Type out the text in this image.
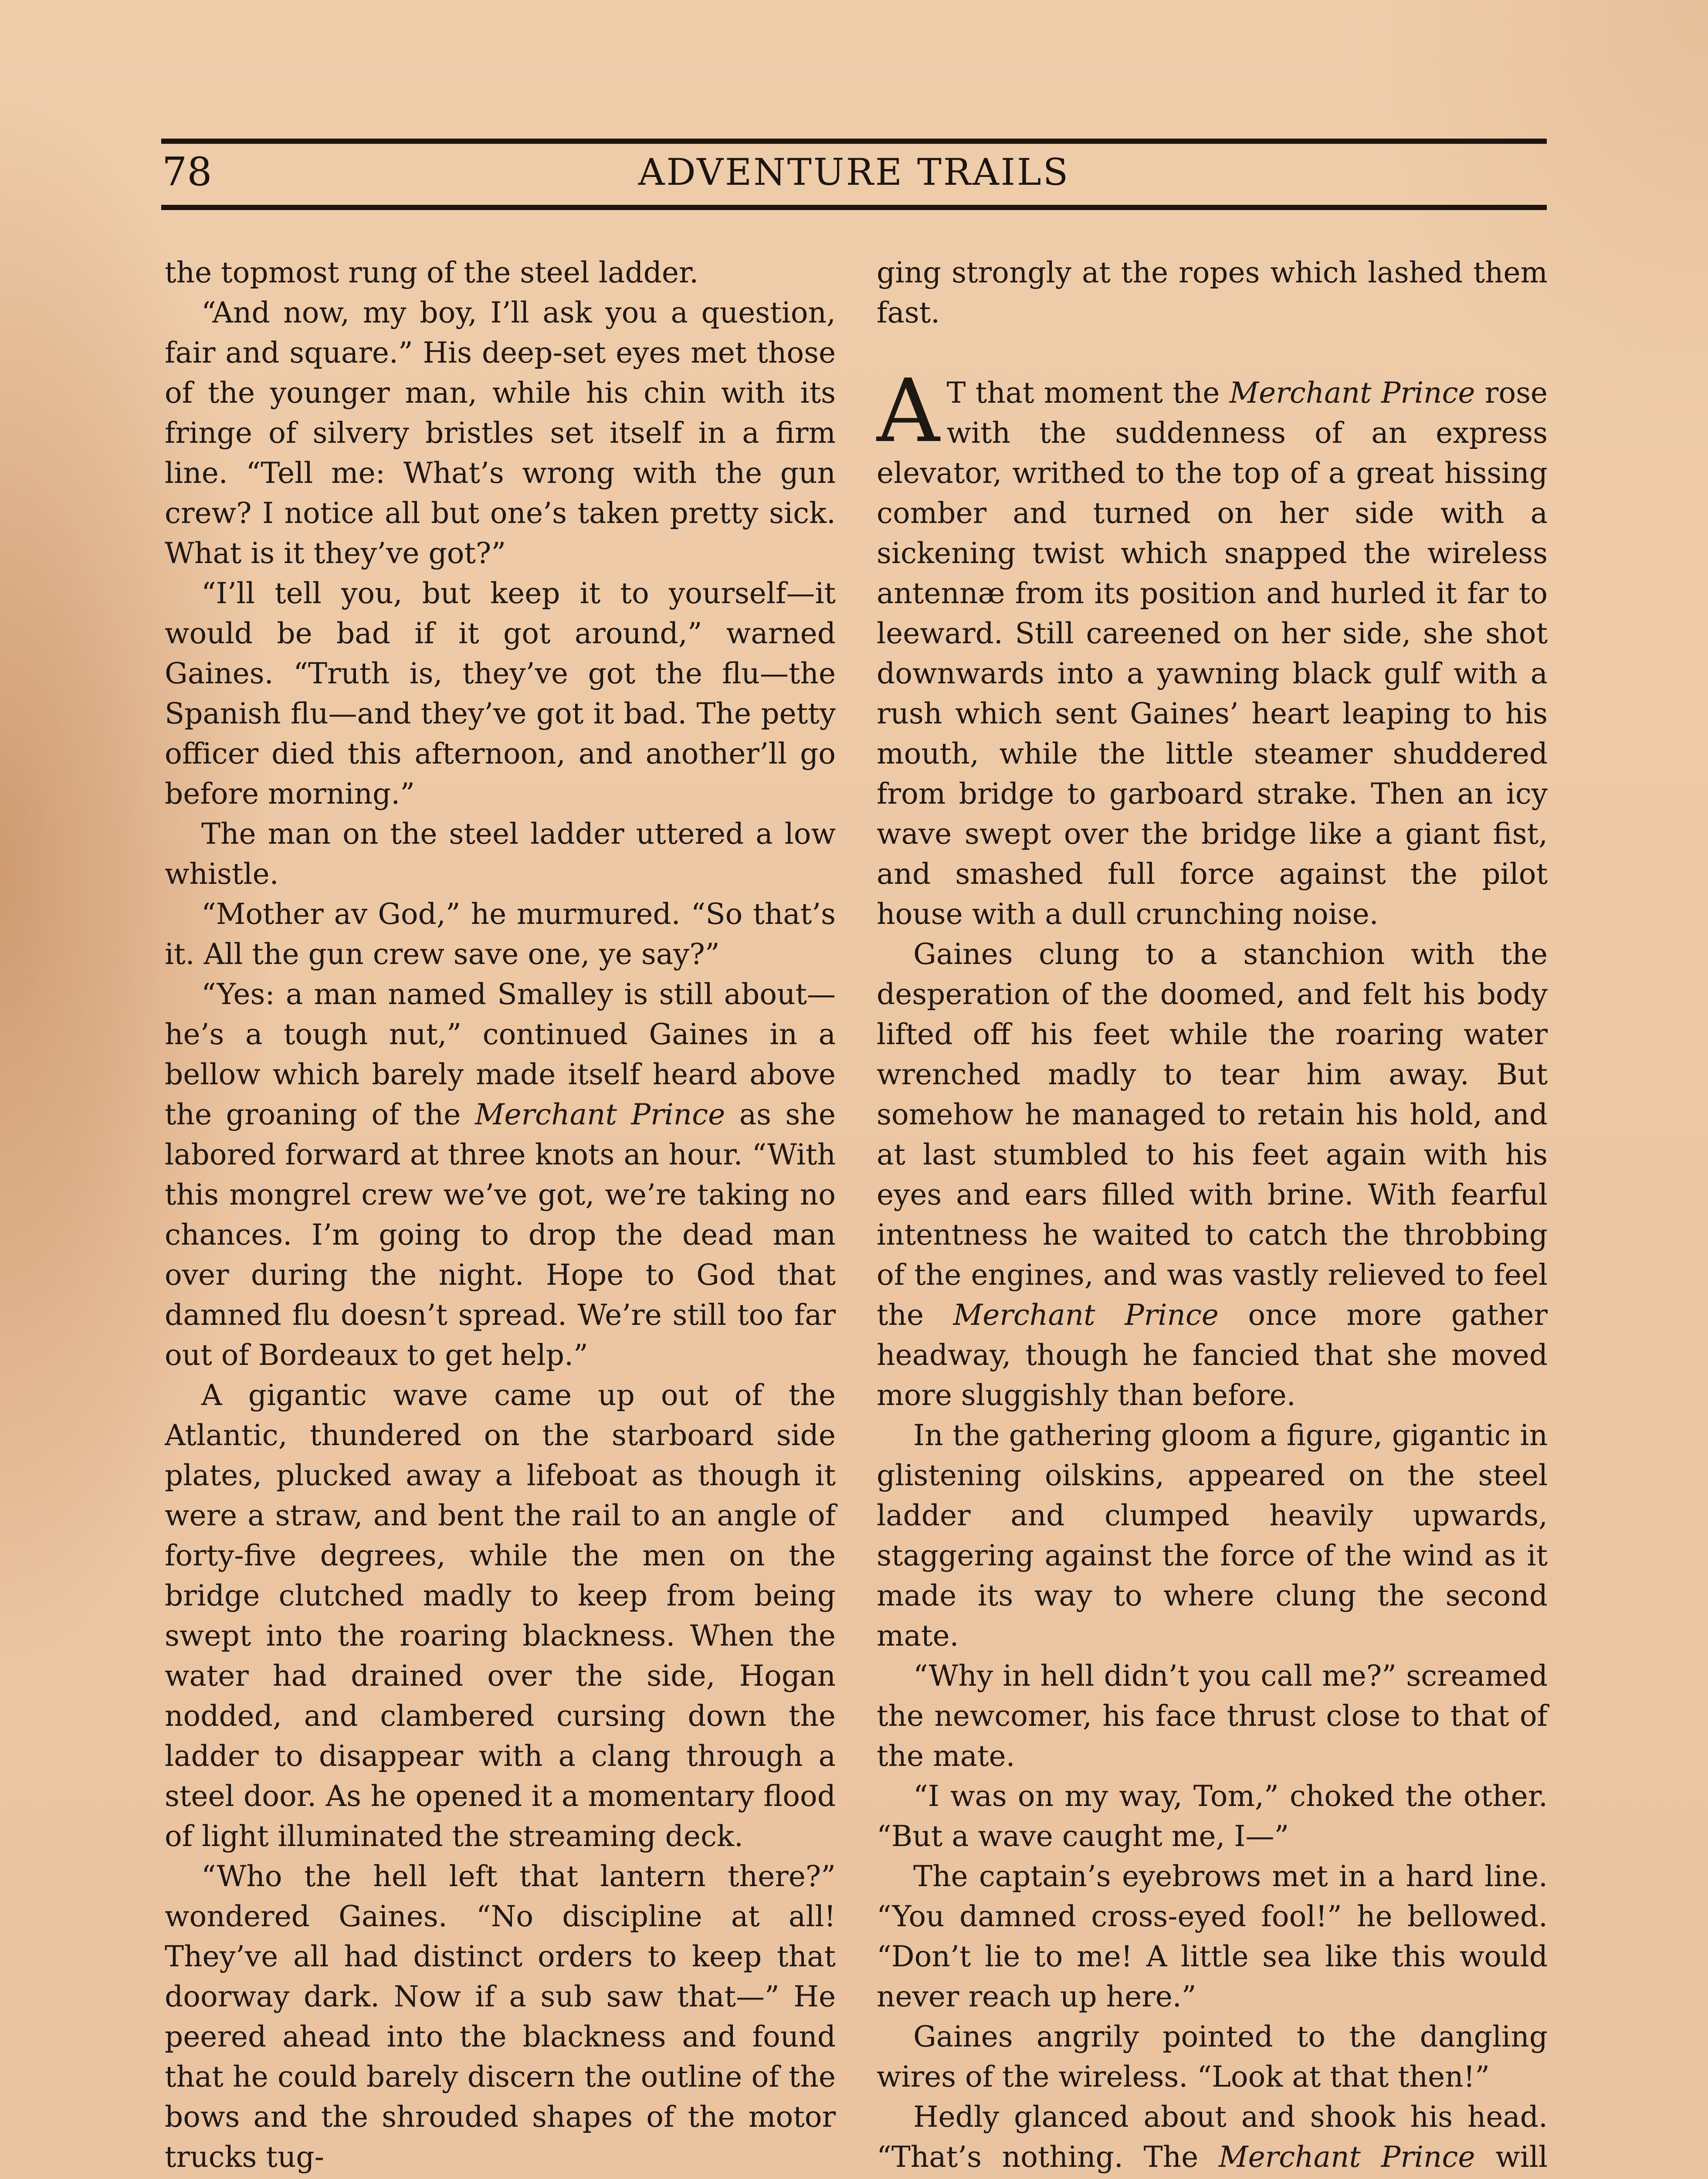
78	ADVENTURE TRAILS

the topmost rung of the steel ladder.

“And now, my boy, I’ll ask you a question, fair and square.” His deep-set eyes met those of the younger man, while his chin with its fringe of silvery bristles set itself in a firm line. “Tell me: What’s wrong with the gun crew? I notice all but one’s taken pretty sick. What is it they’ve got?”

“I’ll tell you, but keep it to yourself—it would be bad if it got around,” warned Gaines. “Truth is, they’ve got the flu—the Spanish flu—and they’ve got it bad. The petty officer died this afternoon, and another’ll go before morning.”

The man on the steel ladder uttered a low whistle.

“Mother av God,” he murmured. “So that’s it. All the gun crew save one, ye say?”

“Yes: a man named Smalley is still about—he’s a tough nut,” continued Gaines in a bellow which barely made itself heard above the groaning of the Merchant Prince as she labored forward at three knots an hour. “With this mongrel crew we’ve got, we’re taking no chances. I’m going to drop the dead man over during the night. Hope to God that damned flu doesn’t spread. We’re still too far out of Bordeaux to get help.”

A gigantic wave came up out of the Atlantic, thundered on the starboard side plates, plucked away a lifeboat as though it were a straw, and bent the rail to an angle of forty-five degrees, while the men on the bridge clutched madly to keep from being swept into the roaring blackness. When the water had drained over the side, Hogan nodded, and clambered cursing down the ladder to disappear with a clang through a steel door. As he opened it a momentary flood of light illuminated the streaming deck.

“Who the hell left that lantern there?” wondered Gaines. “No discipline at all! They’ve all had distinct orders to keep that doorway dark. Now if a sub saw that—” He peered ahead into the blackness and found that he could barely discern the outline of the bows and the shrouded shapes of the motor trucks tug-

ging strongly at the ropes which lashed them fast.

A T that moment the Merchant Prince rose with the suddenness of an express elevator, writhed to the top of a great hissing comber and turned on her side with a sickening twist which snapped the wireless antennæ from its position and hurled it far to leeward. Still careened on her side, she shot downwards into a yawning black gulf with a rush which sent Gaines’ heart leaping to his mouth, while the little steamer shuddered from bridge to garboard strake. Then an icy wave swept over the bridge like a giant fist, and smashed full force against the pilot house with a dull crunching noise.

Gaines clung to a stanchion with the desperation of the doomed, and felt his body lifted off his feet while the roaring water wrenched madly to tear him away. But somehow he managed to retain his hold, and at last stumbled to his feet again with his eyes and ears filled with brine. With fearful intentness he waited to catch the throbbing of the engines, and was vastly relieved to feel the Merchant Prince once more gather headway, though he fancied that she moved more sluggishly than before.

In the gathering gloom a figure, gigantic in glistening oilskins, appeared on the steel ladder and clumped heavily upwards, staggering against the force of the wind as it made its way to where clung the second mate.

“Why in hell didn’t you call me?” screamed the newcomer, his face thrust close to that of the mate.

“I was on my way, Tom,” choked the other. “But a wave caught me, I—”

The captain’s eyebrows met in a hard line. “You damned cross-eyed fool!” he bellowed. “Don’t lie to me! A little sea like this would never reach up here.”

Gaines angrily pointed to the dangling wires of the wireless. “Look at that then!”

Hedly glanced about and shook his head. “That’s nothing. The Merchant Prince will
